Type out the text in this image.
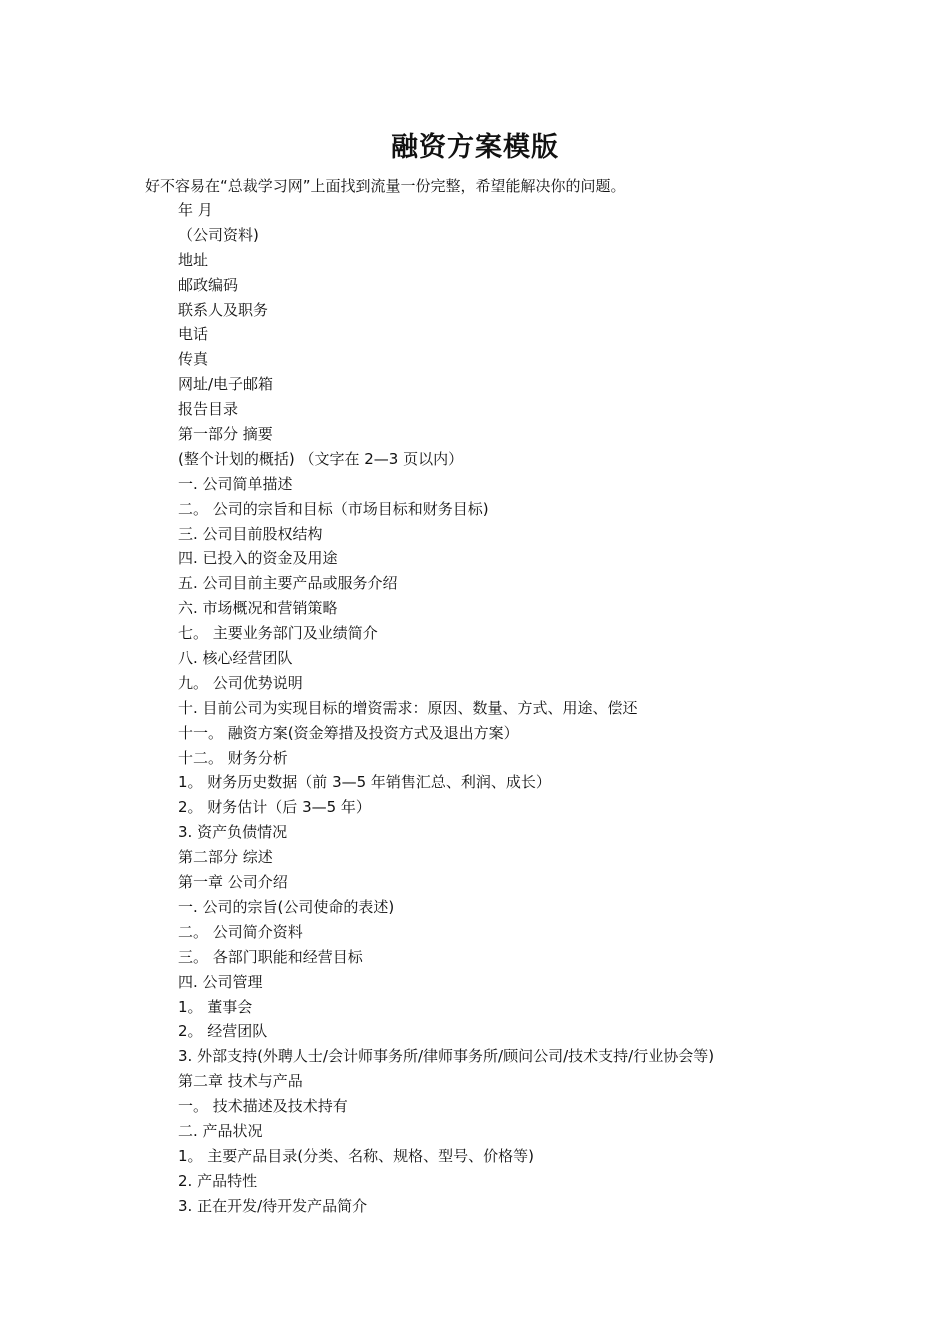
融资方案模版
好不容易在“总裁学习网”上面找到流量一份完整，希望能解决你的问题。
年 月
（公司资料)
地址
邮政编码
联系人及职务
电话
传真
网址/电子邮箱
报告目录
第一部分 摘要
(整个计划的概括) （文字在 2—3 页以内）
一. 公司简单描述
二。 公司的宗旨和目标（市场目标和财务目标)
三. 公司目前股权结构
四. 已投入的资金及用途
五. 公司目前主要产品或服务介绍
六. 市场概况和营销策略
七。 主要业务部门及业绩简介
八. 核心经营团队
九。 公司优势说明
十. 目前公司为实现目标的增资需求：原因、数量、方式、用途、偿还
十一。 融资方案(资金筹措及投资方式及退出方案）
十二。 财务分析
1。 财务历史数据（前 3—5 年销售汇总、利润、成长）
2。 财务估计（后 3—5 年）
3. 资产负债情况
第二部分 综述
第一章 公司介绍
一. 公司的宗旨(公司使命的表述)
二。 公司简介资料
三。 各部门职能和经营目标
四. 公司管理
1。 董事会
2。 经营团队
3. 外部支持(外聘人士/会计师事务所/律师事务所/顾问公司/技术支持/行业协会等)
第二章 技术与产品
一。 技术描述及技术持有
二. 产品状况
1。 主要产品目录(分类、名称、规格、型号、价格等)
2. 产品特性
3. 正在开发/待开发产品简介
